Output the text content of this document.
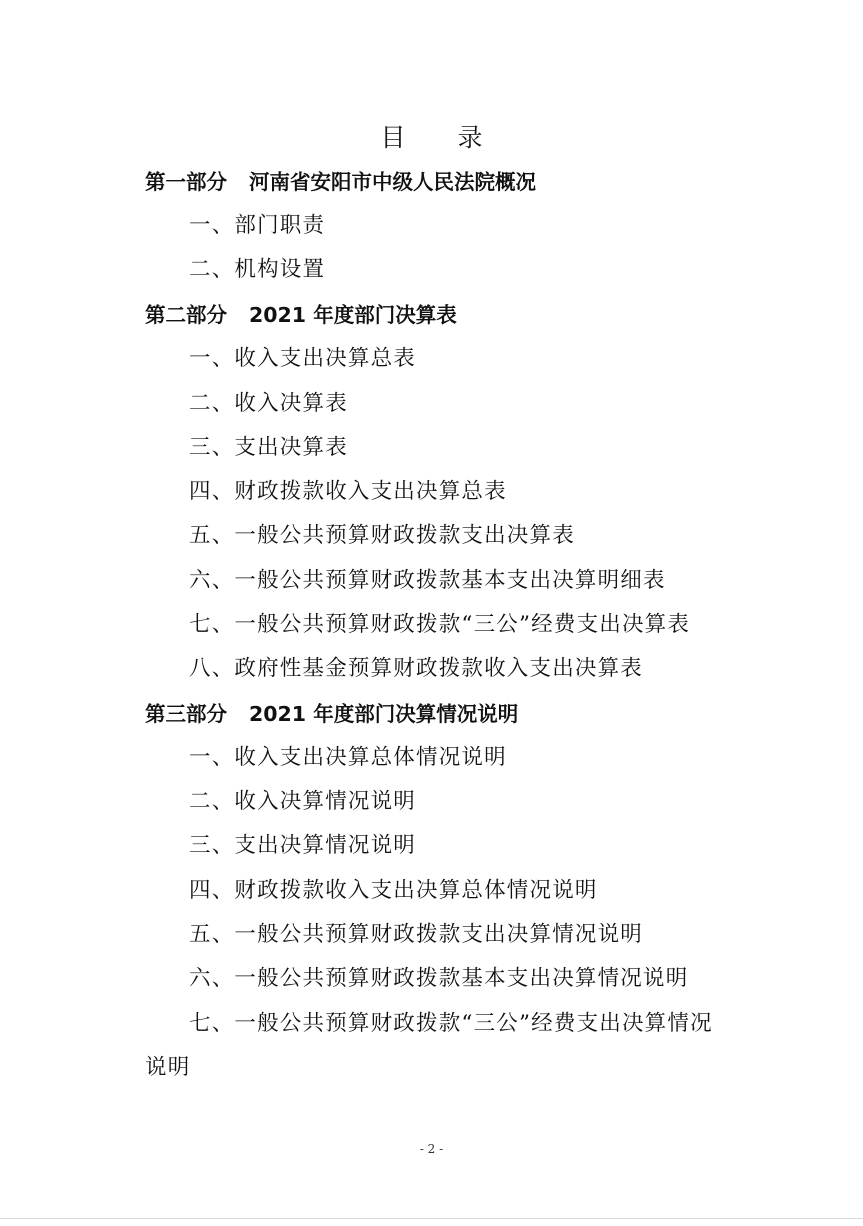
目录
第一部分 河南省安阳市中级人民法院概况
一、部门职责
二、机构设置
第二部分 2021 年度部门决算表
一、收入支出决算总表
二、收入决算表
三、支出决算表
四、财政拨款收入支出决算总表
五、一般公共预算财政拨款支出决算表
六、一般公共预算财政拨款基本支出决算明细表
七、一般公共预算财政拨款“三公”经费支出决算表
八、政府性基金预算财政拨款收入支出决算表
第三部分 2021 年度部门决算情况说明
一、收入支出决算总体情况说明
二、收入决算情况说明
三、支出决算情况说明
四、财政拨款收入支出决算总体情况说明
五、一般公共预算财政拨款支出决算情况说明
六、一般公共预算财政拨款基本支出决算情况说明
七、一般公共预算财政拨款“三公”经费支出决算情况
说明
- 2 -
